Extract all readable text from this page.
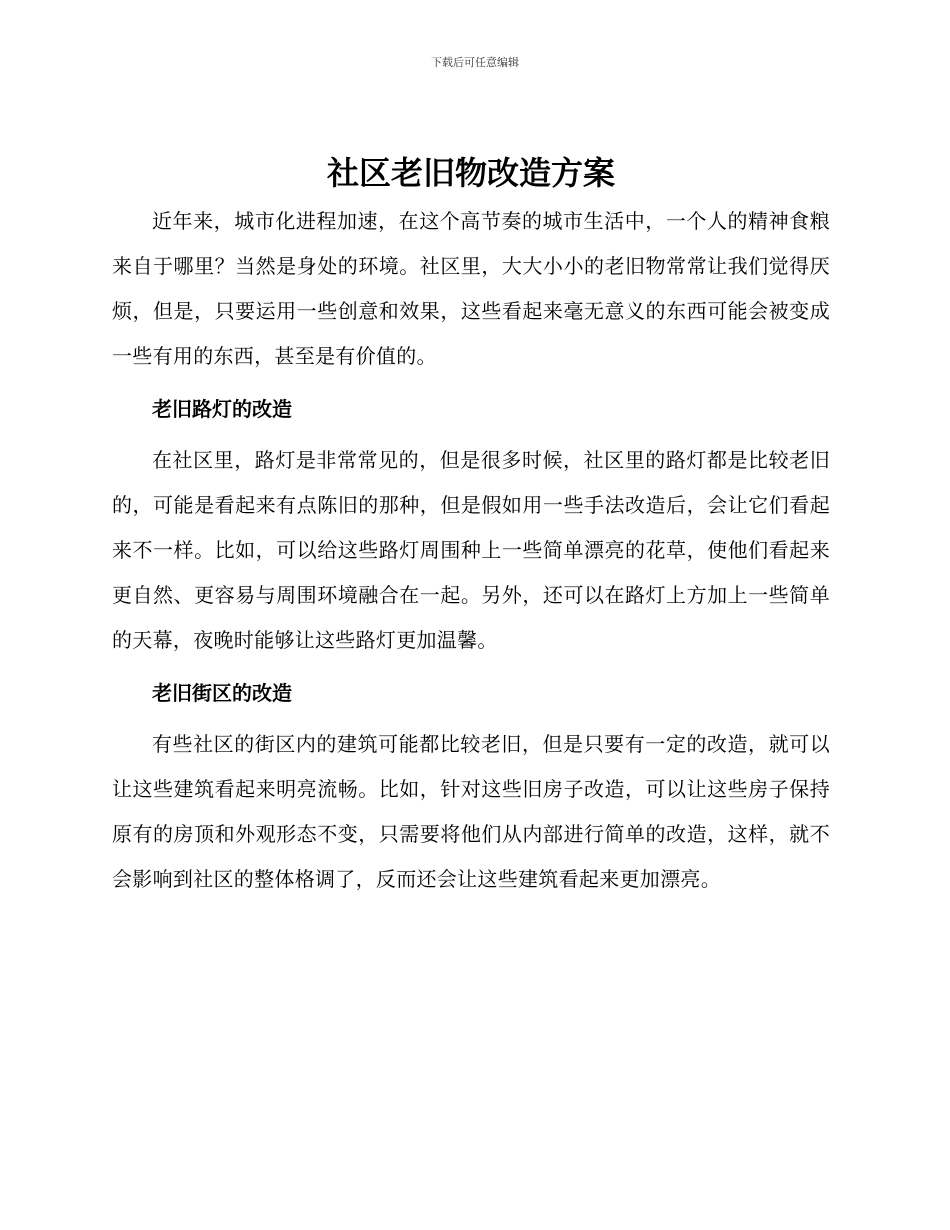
下载后可任意编辑
社区老旧物改造方案

近年来，城市化进程加速，在这个高节奏的城市生活中，一个人的精神食粮来自于哪里？当然是身处的环境。社区里，大大小小的老旧物常常让我们觉得厌烦，但是，只要运用一些创意和效果，这些看起来毫无意义的东西可能会被变成一些有用的东西，甚至是有价值的。

老旧路灯的改造

在社区里，路灯是非常常见的，但是很多时候，社区里的路灯都是比较老旧的，可能是看起来有点陈旧的那种，但是假如用一些手法改造后，会让它们看起来不一样。比如，可以给这些路灯周围种上一些简单漂亮的花草，使他们看起来更自然、更容易与周围环境融合在一起。另外，还可以在路灯上方加上一些简单的天幕，夜晚时能够让这些路灯更加温馨。

老旧街区的改造

有些社区的街区内的建筑可能都比较老旧，但是只要有一定的改造，就可以让这些建筑看起来明亮流畅。比如，针对这些旧房子改造，可以让这些房子保持原有的房顶和外观形态不变，只需要将他们从内部进行简单的改造，这样，就不会影响到社区的整体格调了，反而还会让这些建筑看起来更加漂亮。
